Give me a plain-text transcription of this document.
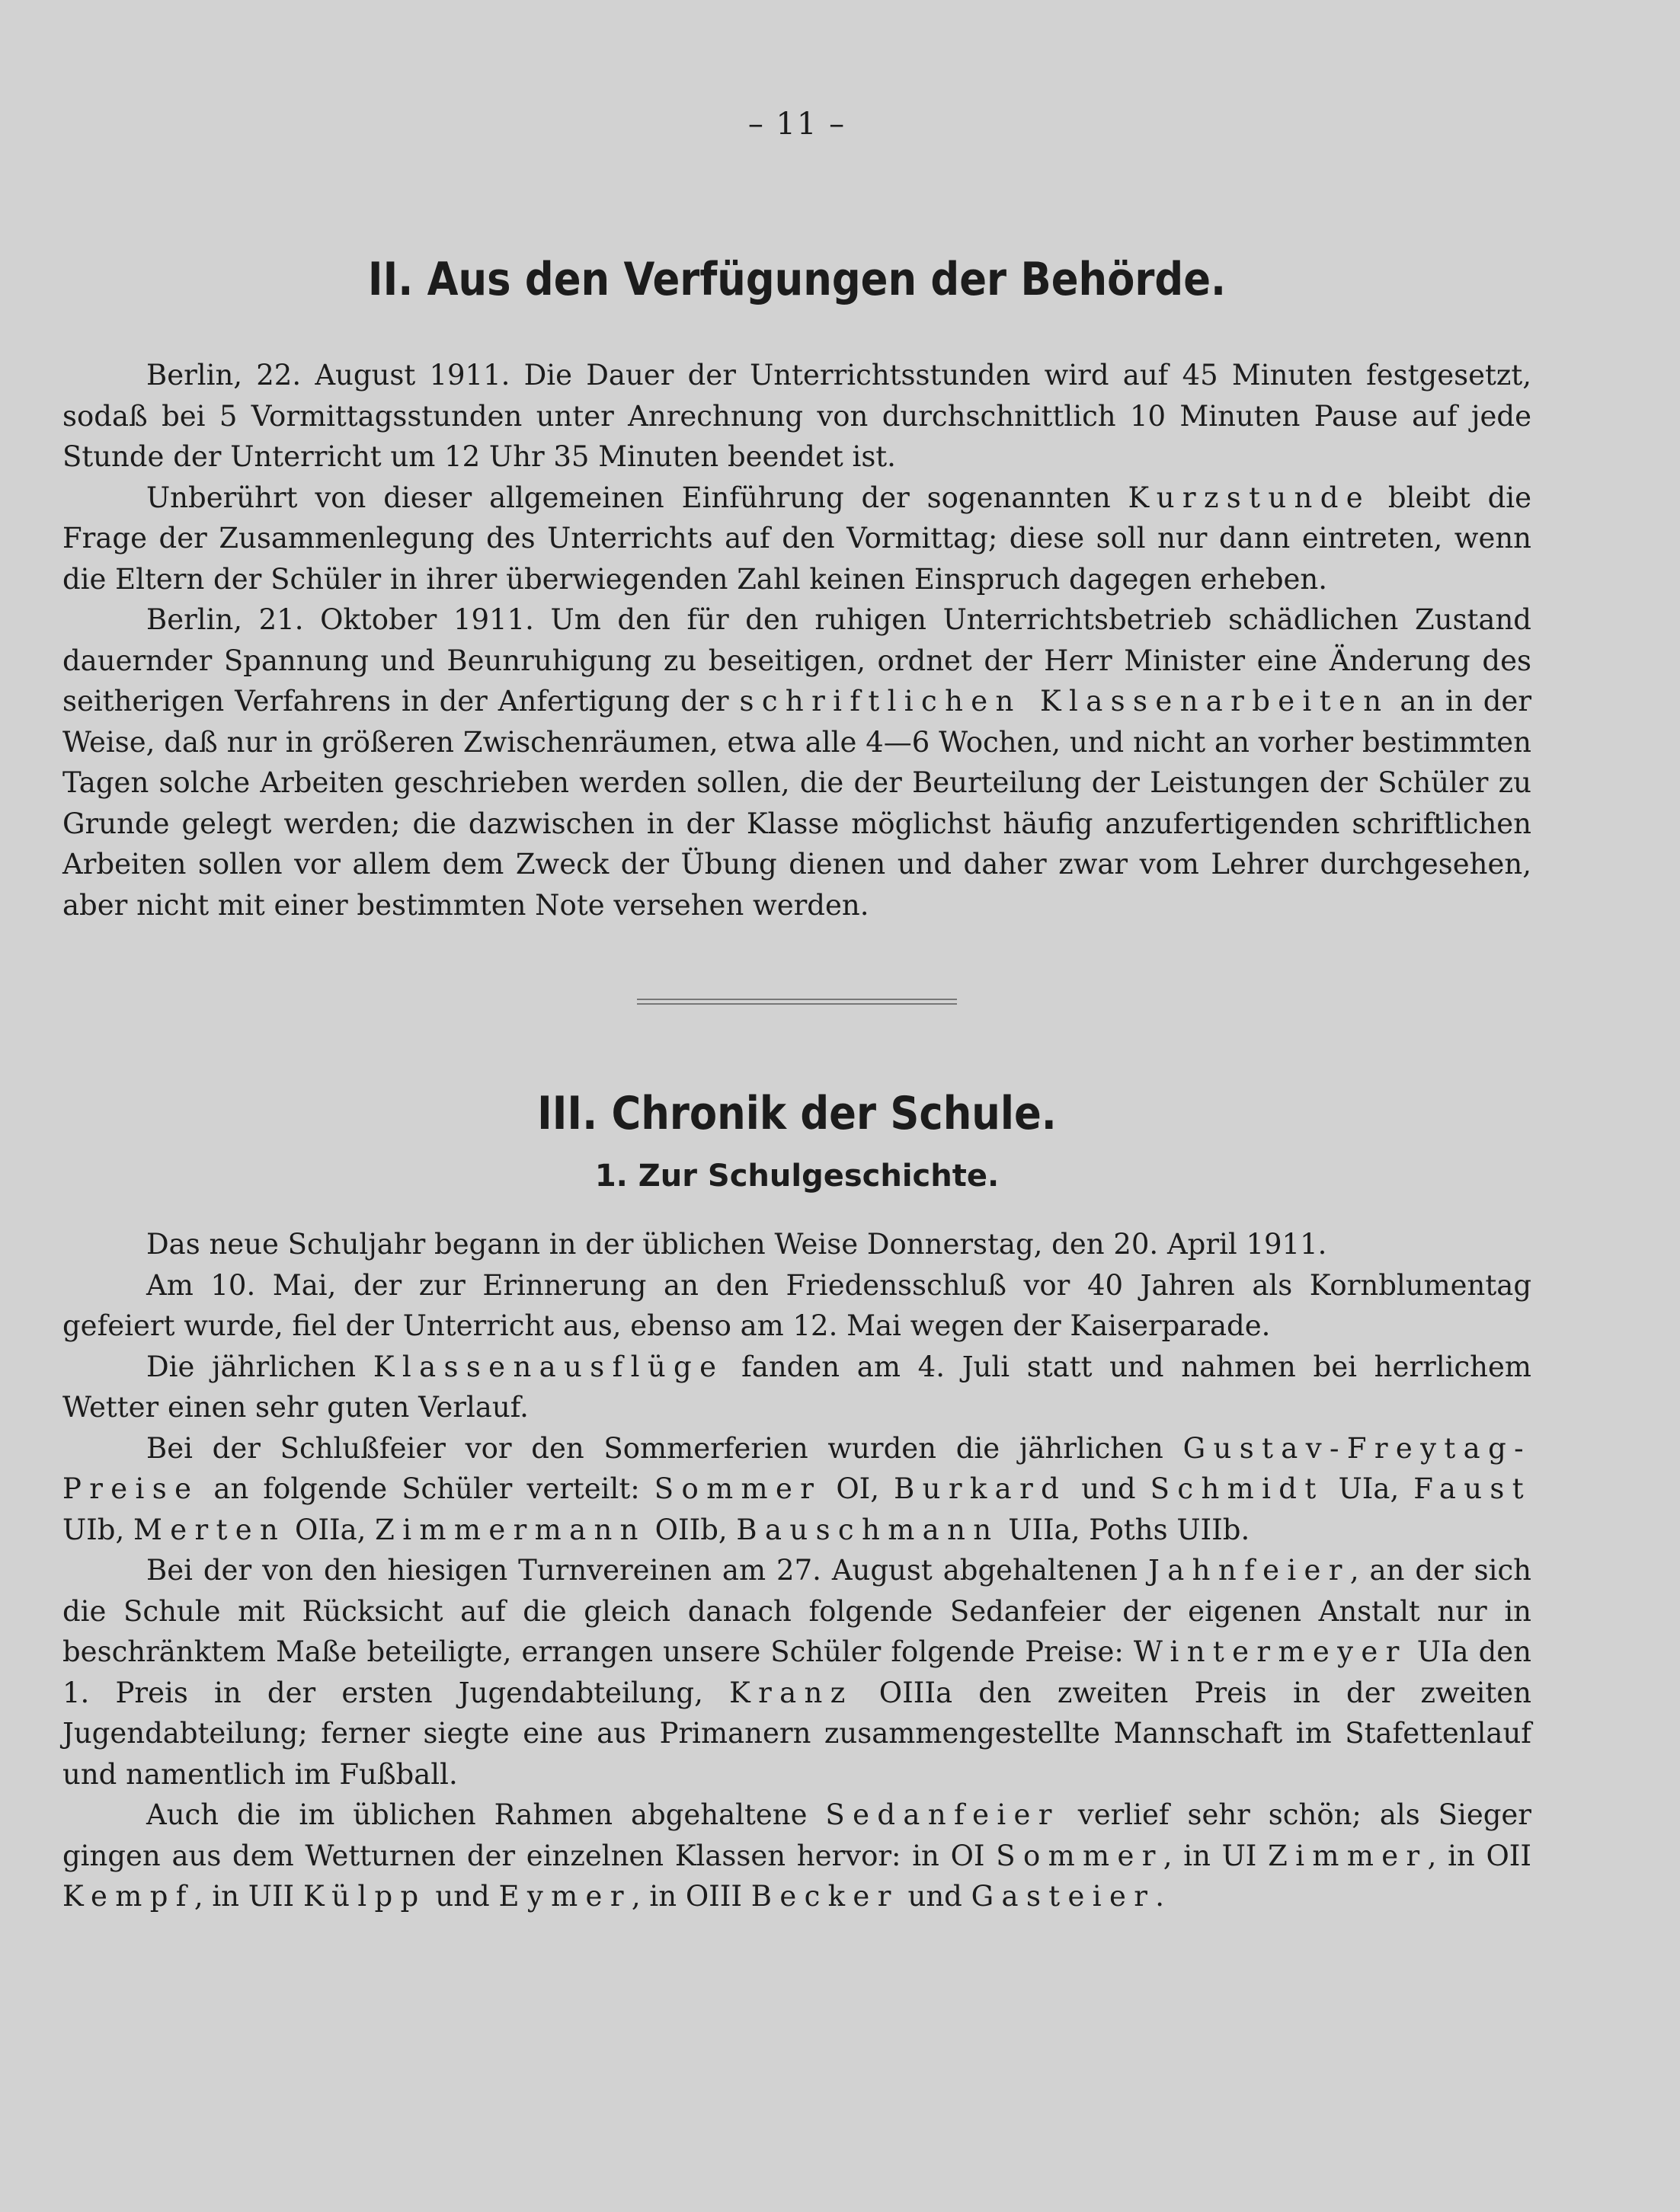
– 11 –
II. Aus den Verfügungen der Behörde.

Berlin, 22. August 1911. Die Dauer der Unterrichtsstunden wird auf 45 Minuten festgesetzt, sodaß bei 5 Vormittagsstunden unter Anrechnung von durchschnittlich 10 Minuten Pause auf jede Stunde der Unterricht um 12 Uhr 35 Minuten beendet ist.

Unberührt von dieser allgemeinen Einführung der sogenannten Kurzstunde bleibt die Frage der Zusammenlegung des Unterrichts auf den Vormittag; diese soll nur dann eintreten, wenn die Eltern der Schüler in ihrer überwiegenden Zahl keinen Einspruch dagegen erheben.

Berlin, 21. Oktober 1911. Um den für den ruhigen Unterrichtsbetrieb schädlichen Zustand dauernder Spannung und Beunruhigung zu beseitigen, ordnet der Herr Minister eine Änderung des seitherigen Verfahrens in der Anfertigung der schriftlichen Klassenarbeiten an in der Weise, daß nur in größeren Zwischenräumen, etwa alle 4—6 Wochen, und nicht an vorher bestimmten Tagen solche Arbeiten geschrieben werden sollen, die der Beurteilung der Leistungen der Schüler zu Grunde gelegt werden; die dazwischen in der Klasse möglichst häufig anzufertigenden schriftlichen Arbeiten sollen vor allem dem Zweck der Übung dienen und daher zwar vom Lehrer durchgesehen, aber nicht mit einer bestimmten Note versehen werden.

III. Chronik der Schule.
1. Zur Schulgeschichte.

Das neue Schuljahr begann in der üblichen Weise Donnerstag, den 20. April 1911.

Am 10. Mai, der zur Erinnerung an den Friedensschluß vor 40 Jahren als Kornblumentag gefeiert wurde, fiel der Unterricht aus, ebenso am 12. Mai wegen der Kaiserparade.

Die jährlichen Klassenausflüge fanden am 4. Juli statt und nahmen bei herrlichem Wetter einen sehr guten Verlauf.

Bei der Schlußfeier vor den Sommerferien wurden die jährlichen Gustav-Freytag-Preise an folgende Schüler verteilt: Sommer OI, Burkard und Schmidt UIa, Faust UIb, Merten OIIa, Zimmermann OIIb, Bauschmann UIIa, Poths UIIb.

Bei der von den hiesigen Turnvereinen am 27. August abgehaltenen Jahnfeier, an der sich die Schule mit Rücksicht auf die gleich danach folgende Sedanfeier der eigenen Anstalt nur in beschränktem Maße beteiligte, errangen unsere Schüler folgende Preise: Wintermeyer UIa den 1. Preis in der ersten Jugendabteilung, Kranz OIIIa den zweiten Preis in der zweiten Jugendabteilung; ferner siegte eine aus Primanern zusammengestellte Mannschaft im Stafettenlauf und namentlich im Fußball.

Auch die im üblichen Rahmen abgehaltene Sedanfeier verlief sehr schön; als Sieger gingen aus dem Wetturnen der einzelnen Klassen hervor: in OI Sommer, in UI Zimmer, in OII Kempf, in UII Külpp und Eymer, in OIII Becker und Gasteier.
